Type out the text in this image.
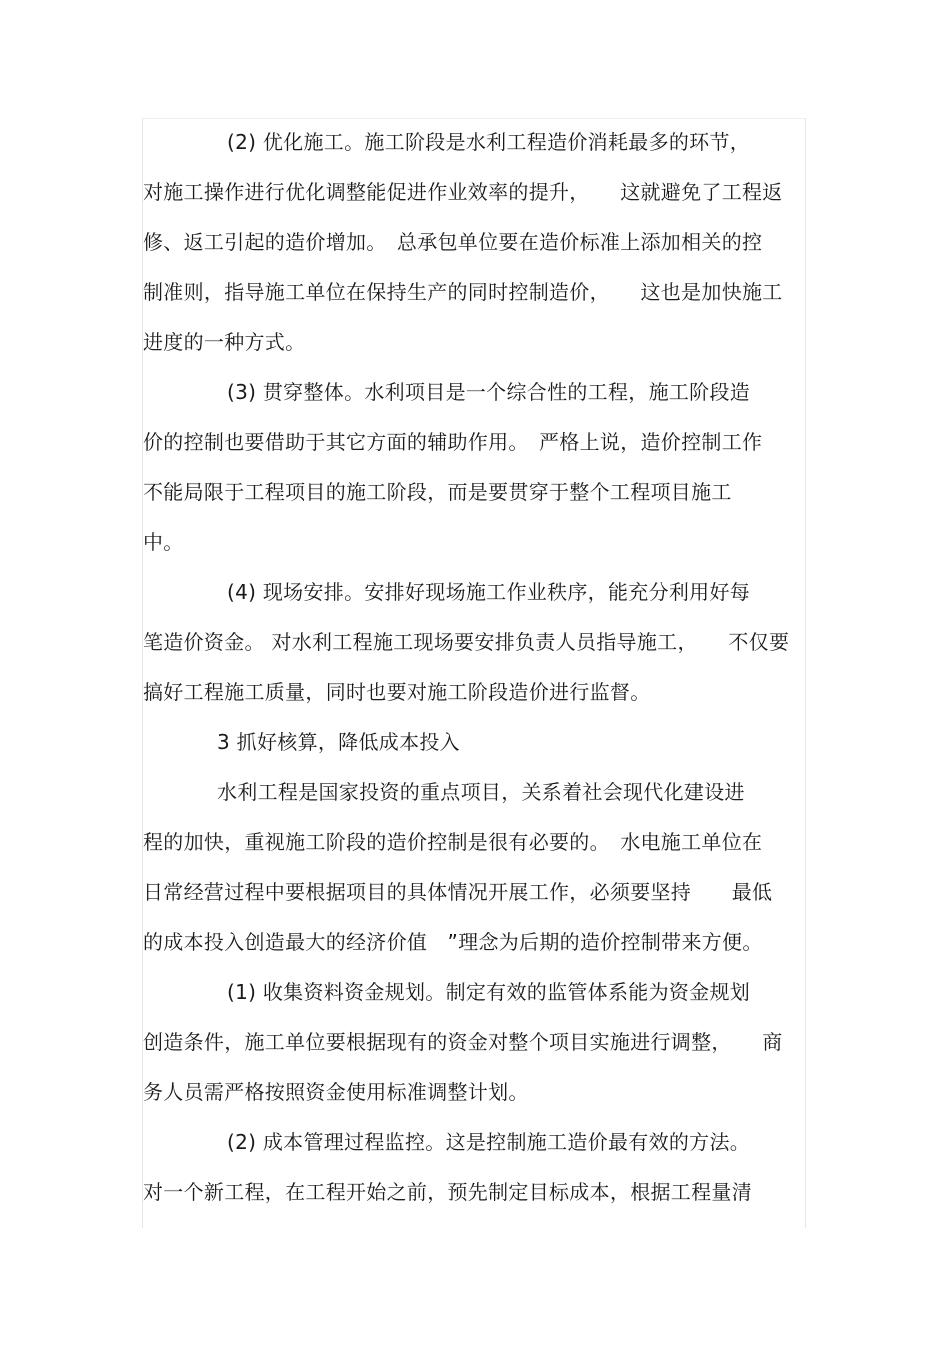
(2) 优化施工。施工阶段是水利工程造价消耗最多的环节，
对施工操作进行优化调整能促进作业效率的提升，　　这就避免了工程返
修、返工引起的造价增加。　总承包单位要在造价标准上添加相关的控
制准则，指导施工单位在保持生产的同时控制造价，　　这也是加快施工
进度的一种方式。
(3) 贯穿整体。水利项目是一个综合性的工程，施工阶段造
价的控制也要借助于其它方面的辅助作用。　严格上说，造价控制工作
不能局限于工程项目的施工阶段，而是要贯穿于整个工程项目施工
中。
(4) 现场安排。安排好现场施工作业秩序，能充分利用好每
笔造价资金。 对水利工程施工现场要安排负责人员指导施工，　　不仅要
搞好工程施工质量，同时也要对施工阶段造价进行监督。
3 抓好核算，降低成本投入
水利工程是国家投资的重点项目，关系着社会现代化建设进
程的加快，重视施工阶段的造价控制是很有必要的。　水电施工单位在
日常经营过程中要根据项目的具体情况开展工作，必须要坚持　　最低
的成本投入创造最大的经济价值　”理念为后期的造价控制带来方便。
(1) 收集资料资金规划。制定有效的监管体系能为资金规划
创造条件，施工单位要根据现有的资金对整个项目实施进行调整，　　商
务人员需严格按照资金使用标准调整计划。
(2) 成本管理过程监控。这是控制施工造价最有效的方法。
对一个新工程，在工程开始之前，预先制定目标成本，根据工程量清
